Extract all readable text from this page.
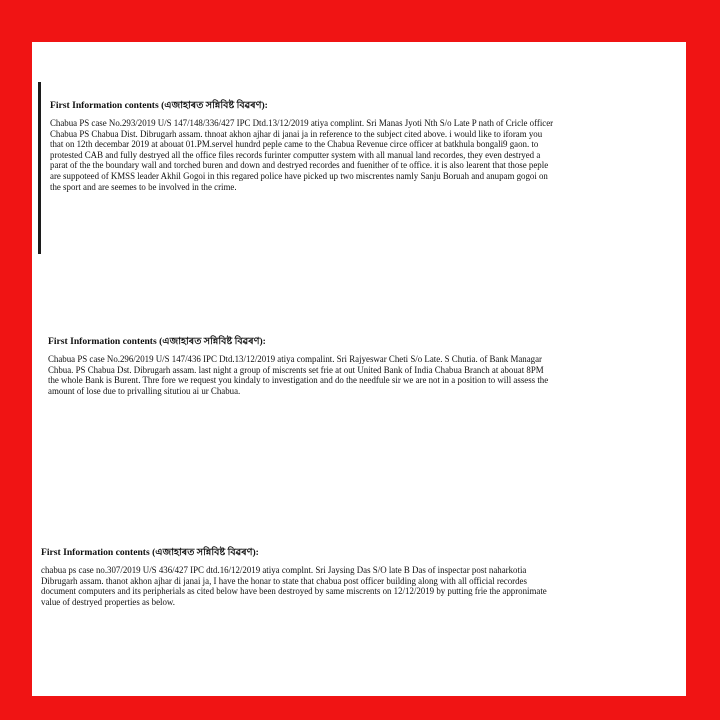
First Information contents (এজাহাৰত সন্নিবিষ্ট বিৱৰণ):

Chabua PS case No.293/2019 U/S 147/148/336/427 IPC Dtd.13/12/2019 atiya complint. Sri Manas Jyoti Nth S/o Late P nath of Cricle officer
Chabua PS Chabua Dist. Dibrugarh assam. thnoat akhon ajhar di janai ja in reference to the subject cited above. i would like to iforam you
that on 12th decembar 2019 at abouat 01.PM.servel hundrd peple came to the Chabua Revenue circe officer at batkhula bongali9 gaon. to
protested CAB and fully destryed all the office files records furinter computter system with all manual land recordes, they even destryed a
parat of the the boundary wall and torched buren and down and destryed recordes and fuenither of te office. it is also learent that those peple
are suppoteed of KMSS leader Akhil Gogoi in this regared police have picked up two miscrentes namly Sanju Boruah and anupam gogoi on
the sport and are seemes to be involved in the crime.

First Information contents (এজাহাৰত সন্নিবিষ্ট বিৱৰণ):

Chabua PS case No.296/2019 U/S 147/436 IPC Dtd.13/12/2019 atiya compalint. Sri Rajyeswar Cheti S/o Late. S Chutia. of Bank Managar
Chbua. PS Chabua Dst. Dibrugarh assam. last night a group of miscrents set frie at out United Bank of India Chabua Branch at abouat 8PM
the whole Bank is Burent. Thre fore we request you kindaly to investigation and do the needfule sir we are not in a position to will assess the
amount of lose due to privalling situtiou ai ur Chabua.

First Information contents (এজাহাৰত সন্নিবিষ্ট বিৱৰণ):

chabua ps case no.307/2019 U/S 436/427 IPC dtd.16/12/2019 atiya complnt. Sri Jaysing Das S/O late B Das of inspectar post naharkotia
Dibrugarh assam. thanot akhon ajhar di janai ja, I have the honar to state that chabua post officer building along with all official recordes
document computers and its peripherials as cited below have been destroyed by same miscrents on 12/12/2019 by putting frie the appronimate
value of destryed properties as below.
